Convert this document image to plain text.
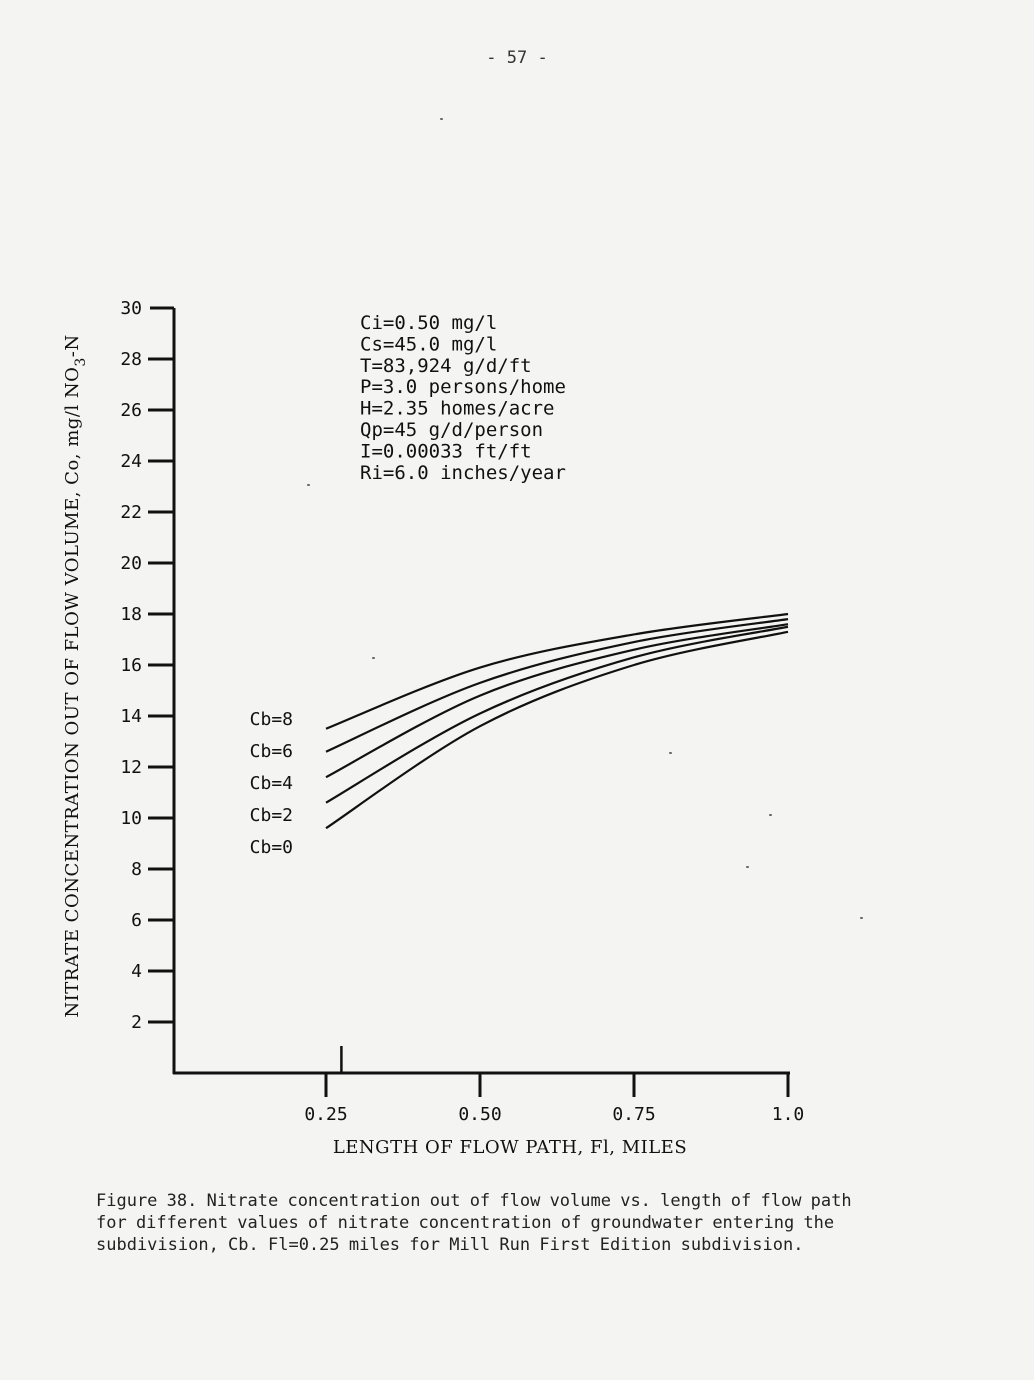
- 57 -
2
4
6
8
10
12
14
16
18
20
22
24
26
28
30
0.25	0.50	0.75	1.0
Cb=8
Cb=6
Cb=4
Cb=2
Cb=0
Ci=0.50 mg/l
Cs=45.0 mg/l
T=83,924 g/d/ft
P=3.0 persons/home
H=2.35 homes/acre
Qp=45 g/d/person
I=0.00033 ft/ft
Ri=6.0 inches/year
LENGTH OF FLOW PATH, Fl, MILES
NITRATE CONCENTRATION OUT OF FLOW VOLUME, Co, mg/l $NO_3-N$
Figure 38. Nitrate concentration out of flow volume vs. length of flow path for different values of nitrate concentration of groundwater entering the subdivision, Cb. Fl=0.25 miles for Mill Run First Edition subdivision.
